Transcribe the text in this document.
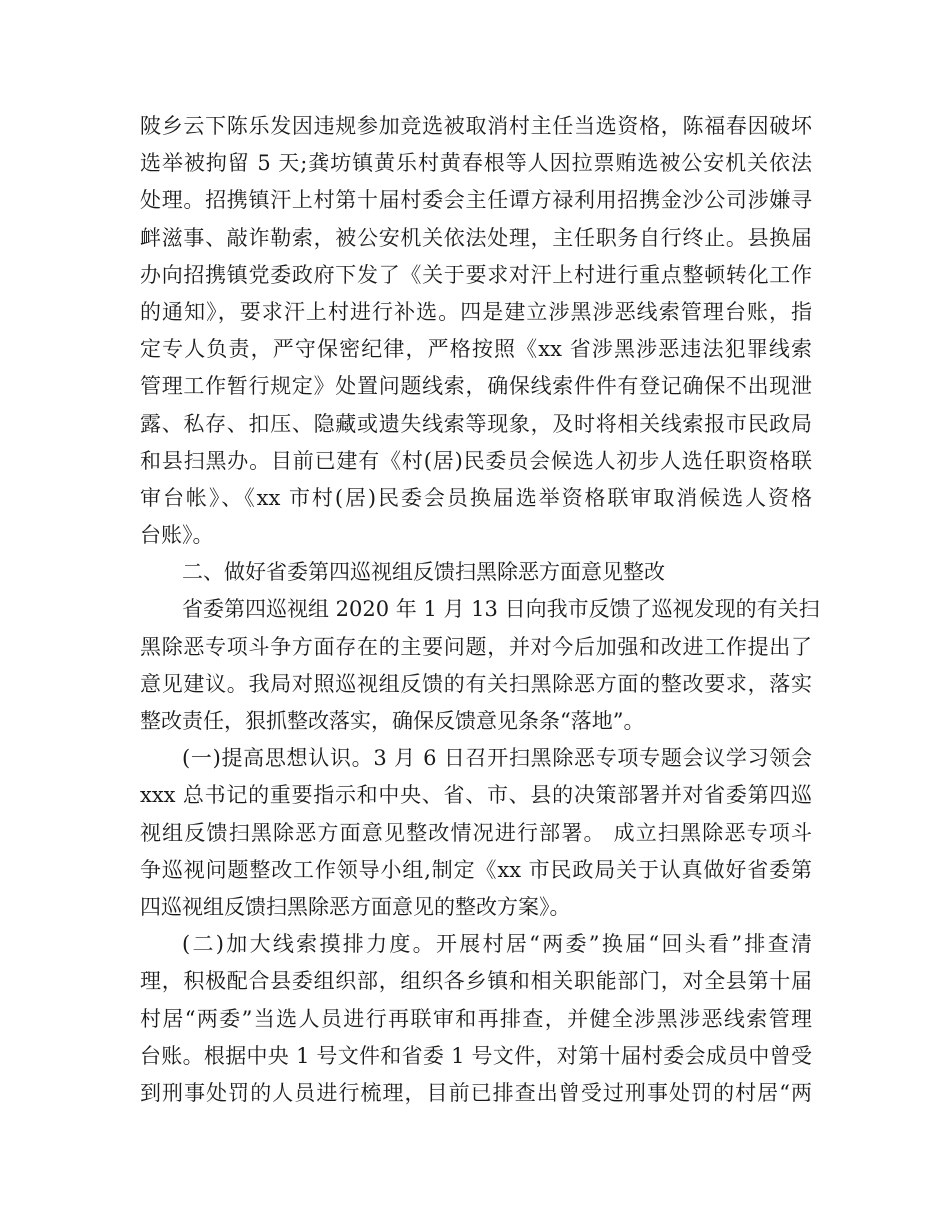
陂乡云下陈乐发因违规参加竞选被取消村主任当选资格，陈福春因破坏
选举被拘留 5 天;龚坊镇黄乐村黄春根等人因拉票贿选被公安机关依法
处理。招携镇汗上村第十届村委会主任谭方禄利用招携金沙公司涉嫌寻
衅滋事、敲诈勒索，被公安机关依法处理，主任职务自行终止。县换届
办向招携镇党委政府下发了《关于要求对汗上村进行重点整顿转化工作
的通知》，要求汗上村进行补选。四是建立涉黑涉恶线索管理台账，指
定专人负责，严守保密纪律，严格按照《xx 省涉黑涉恶违法犯罪线索
管理工作暂行规定》处置问题线索，确保线索件件有登记确保不出现泄
露、私存、扣压、隐藏或遗失线索等现象，及时将相关线索报市民政局
和县扫黑办。目前已建有《村(居)民委员会候选人初步人选任职资格联
审台帐》、《xx 市村(居)民委会员换届选举资格联审取消候选人资格
台账》。
二、做好省委第四巡视组反馈扫黑除恶方面意见整改
省委第四巡视组 2020 年 1 月 13 日向我市反馈了巡视发现的有关扫
黑除恶专项斗争方面存在的主要问题，并对今后加强和改进工作提出了
意见建议。我局对照巡视组反馈的有关扫黑除恶方面的整改要求，落实
整改责任，狠抓整改落实，确保反馈意见条条“落地”。
(一)提高思想认识。3 月 6 日召开扫黑除恶专项专题会议学习领会
xxx 总书记的重要指示和中央、省、市、县的决策部署并对省委第四巡
视组反馈扫黑除恶方面意见整改情况进行部署。 成立扫黑除恶专项斗
争巡视问题整改工作领导小组,制定《xx 市民政局关于认真做好省委第
四巡视组反馈扫黑除恶方面意见的整改方案》。
(二)加大线索摸排力度。开展村居“两委”换届“回头看”排查清
理，积极配合县委组织部，组织各乡镇和相关职能部门，对全县第十届
村居“两委”当选人员进行再联审和再排查，并健全涉黑涉恶线索管理
台账。根据中央 1 号文件和省委 1 号文件，对第十届村委会成员中曾受
到刑事处罚的人员进行梳理，目前已排查出曾受过刑事处罚的村居“两
